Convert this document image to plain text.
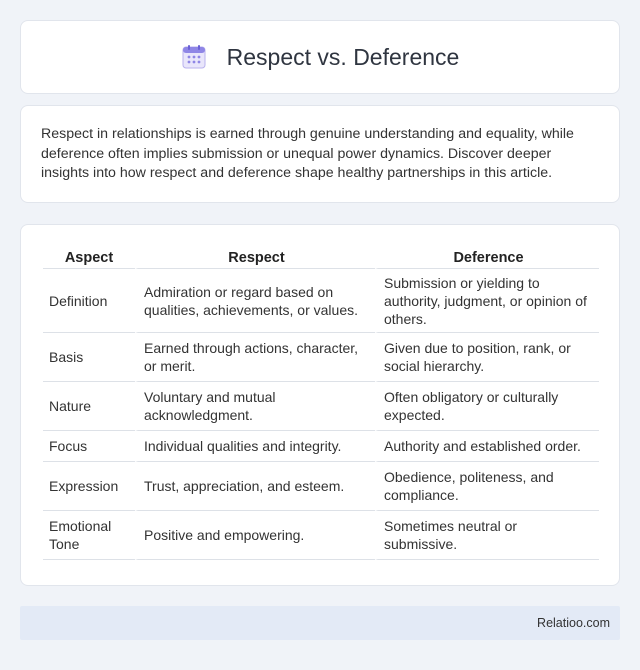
Respect vs. Deference

Respect in relationships is earned through genuine understanding and equality, while deference often implies submission or unequal power dynamics. Discover deeper insights into how respect and deference shape healthy partnerships in this article.

Aspect	Respect	Deference
Definition	Admiration or regard based on qualities, achievements, or values.	Submission or yielding to authority, judgment, or opinion of others.
Basis	Earned through actions, character, or merit.	Given due to position, rank, or social hierarchy.
Nature	Voluntary and mutual acknowledgment.	Often obligatory or culturally expected.
Focus	Individual qualities and integrity.	Authority and established order.
Expression	Trust, appreciation, and esteem.	Obedience, politeness, and compliance.
Emotional Tone	Positive and empowering.	Sometimes neutral or submissive.
Relatioo.com
